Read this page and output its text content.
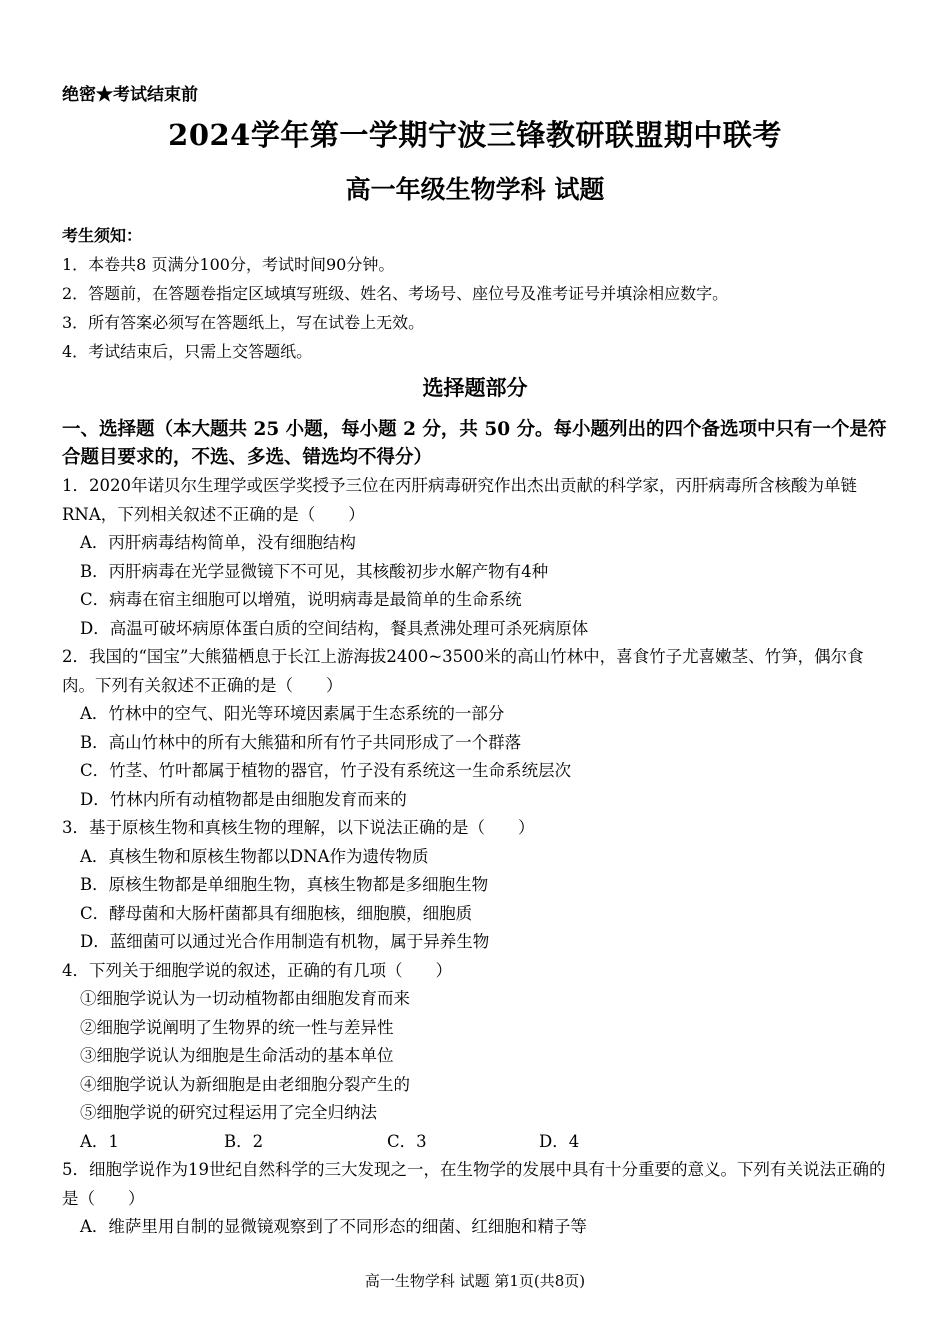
绝密★考试结束前
2024学年第一学期宁波三锋教研联盟期中联考
高一年级生物学科 试题
考生须知：
1．本卷共8 页满分100分，考试时间90分钟。
2．答题前，在答题卷指定区域填写班级、姓名、考场号、座位号及准考证号并填涂相应数字。
3．所有答案必须写在答题纸上，写在试卷上无效。
4．考试结束后，只需上交答题纸。
选择题部分
一、选择题（本大题共 25 小题，每小题 2 分，共 50 分。每小题列出的四个备选项中只有一个是符合题目要求的，不选、多选、错选均不得分）
1．2020年诺贝尔生理学或医学奖授予三位在丙肝病毒研究作出杰出贡献的科学家，丙肝病毒所含核酸为单链RNA，下列相关叙述不正确的是（　　）
A．丙肝病毒结构简单，没有细胞结构
B．丙肝病毒在光学显微镜下不可见，其核酸初步水解产物有4种
C．病毒在宿主细胞可以增殖，说明病毒是最简单的生命系统
D．高温可破坏病原体蛋白质的空间结构，餐具煮沸处理可杀死病原体
2．我国的“国宝”大熊猫栖息于长江上游海拔2400~3500米的高山竹林中，喜食竹子尤喜嫩茎、竹笋，偶尔食肉。下列有关叙述不正确的是（　　）
A．竹林中的空气、阳光等环境因素属于生态系统的一部分
B．高山竹林中的所有大熊猫和所有竹子共同形成了一个群落
C．竹茎、竹叶都属于植物的器官，竹子没有系统这一生命系统层次
D．竹林内所有动植物都是由细胞发育而来的
3．基于原核生物和真核生物的理解，以下说法正确的是（　　）
A．真核生物和原核生物都以DNA作为遗传物质
B．原核生物都是单细胞生物，真核生物都是多细胞生物
C．酵母菌和大肠杆菌都具有细胞核，细胞膜，细胞质
D．蓝细菌可以通过光合作用制造有机物，属于异养生物
4．下列关于细胞学说的叙述，正确的有几项（　　）
①细胞学说认为一切动植物都由细胞发育而来
②细胞学说阐明了生物界的统一性与差异性
③细胞学说认为细胞是生命活动的基本单位
④细胞学说认为新细胞是由老细胞分裂产生的
⑤细胞学说的研究过程运用了完全归纳法
A．1	B．2	C．3	D．4
5．细胞学说作为19世纪自然科学的三大发现之一，在生物学的发展中具有十分重要的意义。下列有关说法正确的是（　　）
A．维萨里用自制的显微镜观察到了不同形态的细菌、红细胞和精子等
高一生物学科 试题 第1页(共8页)
